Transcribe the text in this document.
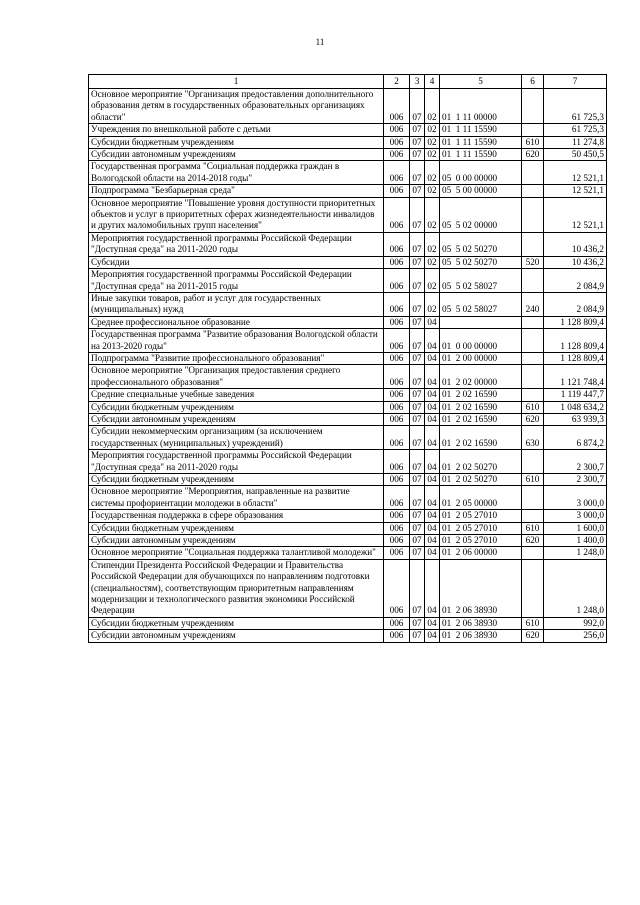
11
1	2	3	4	5	6	7
Основное мероприятие "Организация предоставления дополнительного образования детям в государственных образовательных организациях области"	006	07	02	01  1 11 00000		61 725,3
Учреждения по внешкольной работе с детьми	006	07	02	01  1 11 15590		61 725,3
Субсидии бюджетным учреждениям	006	07	02	01  1 11 15590	610	11 274,8
Субсидии автономным учреждениям	006	07	02	01  1 11 15590	620	50 450,5
Государственная программа "Социальная поддержка граждан в Вологодской области на 2014-2018 годы"	006	07	02	05  0 00 00000		12 521,1
Подпрограмма "Безбарьерная среда"	006	07	02	05  5 00 00000		12 521,1
Основное мероприятие "Повышение уровня доступности приоритетных объектов и услуг в приоритетных сферах жизнедеятельности инвалидов и других маломобильных групп населения"	006	07	02	05  5 02 00000		12 521,1
Мероприятия государственной программы Российской Федерации "Доступная среда" на 2011-2020 годы	006	07	02	05  5 02 50270		10 436,2
Субсидии	006	07	02	05  5 02 50270	520	10 436,2
Мероприятия государственной программы Российской Федерации "Доступная среда" на 2011-2015 годы	006	07	02	05  5 02 58027		2 084,9
Иные закупки товаров, работ и услуг для государственных (муниципальных) нужд	006	07	02	05  5 02 58027	240	2 084,9
Среднее профессиональное образование	006	07	04			1 128 809,4
Государственная программа "Развитие образования Вологодской области на 2013-2020 годы"	006	07	04	01  0 00 00000		1 128 809,4
Подпрограмма "Развитие профессионального образования"	006	07	04	01  2 00 00000		1 128 809,4
Основное мероприятие "Организация предоставления среднего профессионального образования"	006	07	04	01  2 02 00000		1 121 748,4
Средние специальные учебные заведения	006	07	04	01  2 02 16590		1 119 447,7
Субсидии бюджетным учреждениям	006	07	04	01  2 02 16590	610	1 048 634,2
Субсидии автономным учреждениям	006	07	04	01  2 02 16590	620	63 939,3
Субсидии некоммерческим организациям (за исключением государственных (муниципальных) учреждений)	006	07	04	01  2 02 16590	630	6 874,2
Мероприятия государственной программы Российской Федерации "Доступная среда" на 2011-2020 годы	006	07	04	01  2 02 50270		2 300,7
Субсидии бюджетным учреждениям	006	07	04	01  2 02 50270	610	2 300,7
Основное мероприятие "Мероприятия, направленные на развитие системы профориентации молодежи в области"	006	07	04	01  2 05 00000		3 000,0
Государственная поддержка в сфере образования	006	07	04	01  2 05 27010		3 000,0
Субсидии бюджетным учреждениям	006	07	04	01  2 05 27010	610	1 600,0
Субсидии автономным учреждениям	006	07	04	01  2 05 27010	620	1 400,0
Основное мероприятие "Социальная поддержка талантливой молодежи"	006	07	04	01  2 06 00000		1 248,0
Стипендии Президента Российской Федерации и Правительства Российской Федерации для обучающихся по направлениям подготовки (специальностям), соответствующим приоритетным направлениям модернизации и технологического развития экономики Российской Федерации	006	07	04	01  2 06 38930		1 248,0
Субсидии бюджетным учреждениям	006	07	04	01  2 06 38930	610	992,0
Субсидии автономным учреждениям	006	07	04	01  2 06 38930	620	256,0
